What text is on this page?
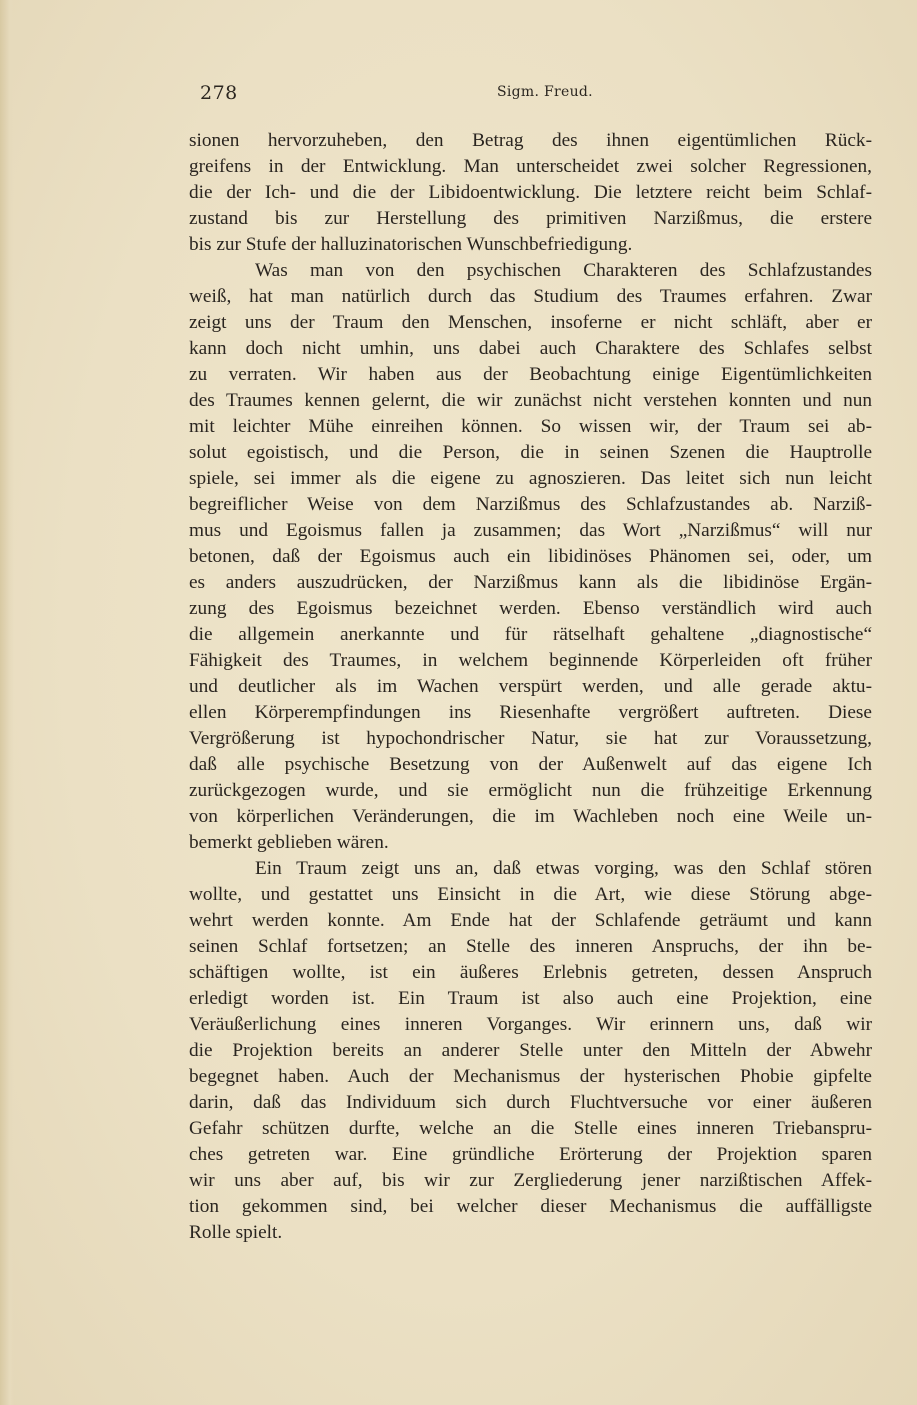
278	Sigm. Freud.
sionen hervorzuheben, den Betrag des ihnen eigentümlichen Rück-
greifens in der Entwicklung. Man unterscheidet zwei solcher Regressionen,
die der Ich- und die der Libidoentwicklung. Die letztere reicht beim Schlaf-
zustand bis zur Herstellung des primitiven Narzißmus, die erstere
bis zur Stufe der halluzinatorischen Wunschbefriedigung.
Was man von den psychischen Charakteren des Schlafzustandes
weiß, hat man natürlich durch das Studium des Traumes erfahren. Zwar
zeigt uns der Traum den Menschen, insoferne er nicht schläft, aber er
kann doch nicht umhin, uns dabei auch Charaktere des Schlafes selbst
zu verraten. Wir haben aus der Beobachtung einige Eigentümlichkeiten
des Traumes kennen gelernt, die wir zunächst nicht verstehen konnten und nun
mit leichter Mühe einreihen können. So wissen wir, der Traum sei ab-
solut egoistisch, und die Person, die in seinen Szenen die Hauptrolle
spiele, sei immer als die eigene zu agnoszieren. Das leitet sich nun leicht
begreiflicher Weise von dem Narzißmus des Schlafzustandes ab. Narziß-
mus und Egoismus fallen ja zusammen; das Wort „Narzißmus“ will nur
betonen, daß der Egoismus auch ein libidinöses Phänomen sei, oder, um
es anders auszudrücken, der Narzißmus kann als die libidinöse Ergän-
zung des Egoismus bezeichnet werden. Ebenso verständlich wird auch
die allgemein anerkannte und für rätselhaft gehaltene „diagnostische“
Fähigkeit des Traumes, in welchem beginnende Körperleiden oft früher
und deutlicher als im Wachen verspürt werden, und alle gerade aktu-
ellen Körperempfindungen ins Riesenhafte vergrößert auftreten. Diese
Vergrößerung ist hypochondrischer Natur, sie hat zur Voraussetzung,
daß alle psychische Besetzung von der Außenwelt auf das eigene Ich
zurückgezogen wurde, und sie ermöglicht nun die frühzeitige Erkennung
von körperlichen Veränderungen, die im Wachleben noch eine Weile un-
bemerkt geblieben wären.
Ein Traum zeigt uns an, daß etwas vorging, was den Schlaf stören
wollte, und gestattet uns Einsicht in die Art, wie diese Störung abge-
wehrt werden konnte. Am Ende hat der Schlafende geträumt und kann
seinen Schlaf fortsetzen; an Stelle des inneren Anspruchs, der ihn be-
schäftigen wollte, ist ein äußeres Erlebnis getreten, dessen Anspruch
erledigt worden ist. Ein Traum ist also auch eine Projektion, eine
Veräußerlichung eines inneren Vorganges. Wir erinnern uns, daß wir
die Projektion bereits an anderer Stelle unter den Mitteln der Abwehr
begegnet haben. Auch der Mechanismus der hysterischen Phobie gipfelte
darin, daß das Individuum sich durch Fluchtversuche vor einer äußeren
Gefahr schützen durfte, welche an die Stelle eines inneren Triebanspru-
ches getreten war. Eine gründliche Erörterung der Projektion sparen
wir uns aber auf, bis wir zur Zergliederung jener narzißtischen Affek-
tion gekommen sind, bei welcher dieser Mechanismus die auffälligste
Rolle spielt.
